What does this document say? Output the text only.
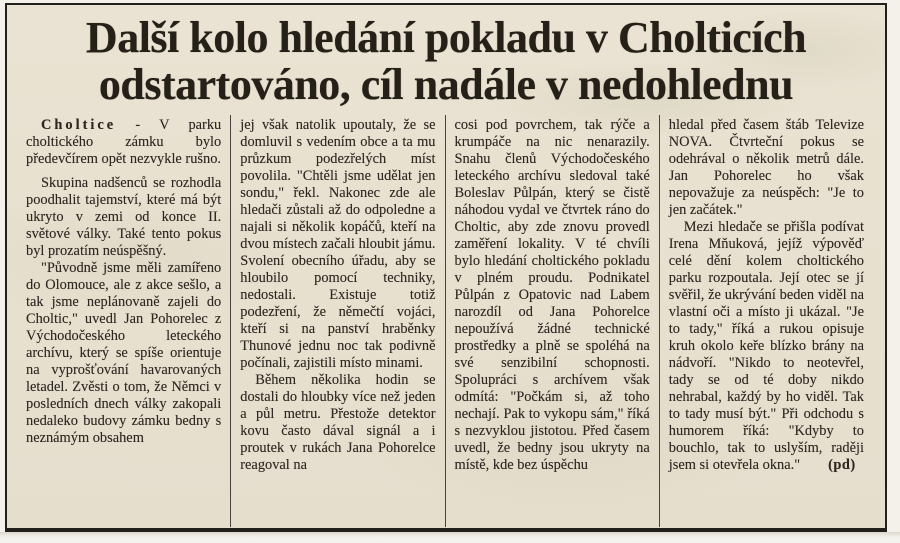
Další kolo hledání pokladu v Cholticích
odstartováno, cíl nadále v nedohlednu

Choltice - V parku choltického zámku bylo předevčírem opět nezvykle rušno.

Skupina nadšenců se rozhodla poodhalit tajemství, které má být ukryto v zemi od konce II. světové války. Také tento pokus byl prozatím neúspěšný.

"Původně jsme měli zamířeno do Olomouce, ale z akce sešlo, a tak jsme neplánovaně zajeli do Choltic," uvedl Jan Pohorelec z Východočeského leteckého archívu, který se spíše orientuje na vyprošťování havarovaných letadel. Zvěsti o tom, že Němci v posledních dnech války zakopali nedaleko budovy zámku bedny s neznámým obsahem

jej však natolik upoutaly, že se domluvil s vedením obce a ta mu průzkum podezřelých míst povolila. "Chtěli jsme udělat jen sondu," řekl. Nakonec zde ale hledači zůstali až do odpoledne a najali si několik kopáčů, kteří na dvou místech začali hloubit jámu. Svolení obecního úřadu, aby se hloubilo pomocí techniky, nedostali. Existuje totiž podezření, že němečtí vojáci, kteří si na panství hraběnky Thunové jednu noc tak podivně počínali, zajistili místo minami.

Během několika hodin se dostali do hloubky více než jeden a půl metru. Přestože detektor kovu často dával signál a i proutek v rukách Jana Pohorelce reagoval na

cosi pod povrchem, tak rýče a krumpáče na nic nenarazily. Snahu členů Východočeského leteckého archívu sledoval také Boleslav Půlpán, který se čistě náhodou vydal ve čtvrtek ráno do Choltic, aby zde znovu provedl zaměření lokality. V té chvíli bylo hledání choltického pokladu v plném proudu. Podnikatel Půlpán z Opatovic nad Labem narozdíl od Jana Pohorelce nepoužívá žádné technické prostředky a plně se spoléhá na své senzibilní schopnosti. Spolupráci s archívem však odmítá: "Počkám si, až toho nechají. Pak to vykopu sám," říká s nezvyklou jistotou. Před časem uvedl, že bedny jsou ukryty na místě, kde bez úspěchu

hledal před časem štáb Televize NOVA. Čtvrteční pokus se odehrával o několik metrů dále. Jan Pohorelec ho však nepovažuje za neúspěch: "Je to jen začátek."

Mezi hledače se přišla podívat Irena Mňuková, jejíž výpověď celé dění kolem choltického parku rozpoutala. Její otec se jí svěřil, že ukrývání beden viděl na vlastní oči a místo ji ukázal. "Je to tady," říká a rukou opisuje kruh okolo keře blízko brány na nádvoří. "Nikdo to neotevřel, tady se od té doby nikdo nehrabal, každý by ho viděl. Tak to tady musí být." Při odchodu s humorem říká: "Kdyby to bouchlo, tak to uslyším, raději jsem si otevřela okna." (pd)
